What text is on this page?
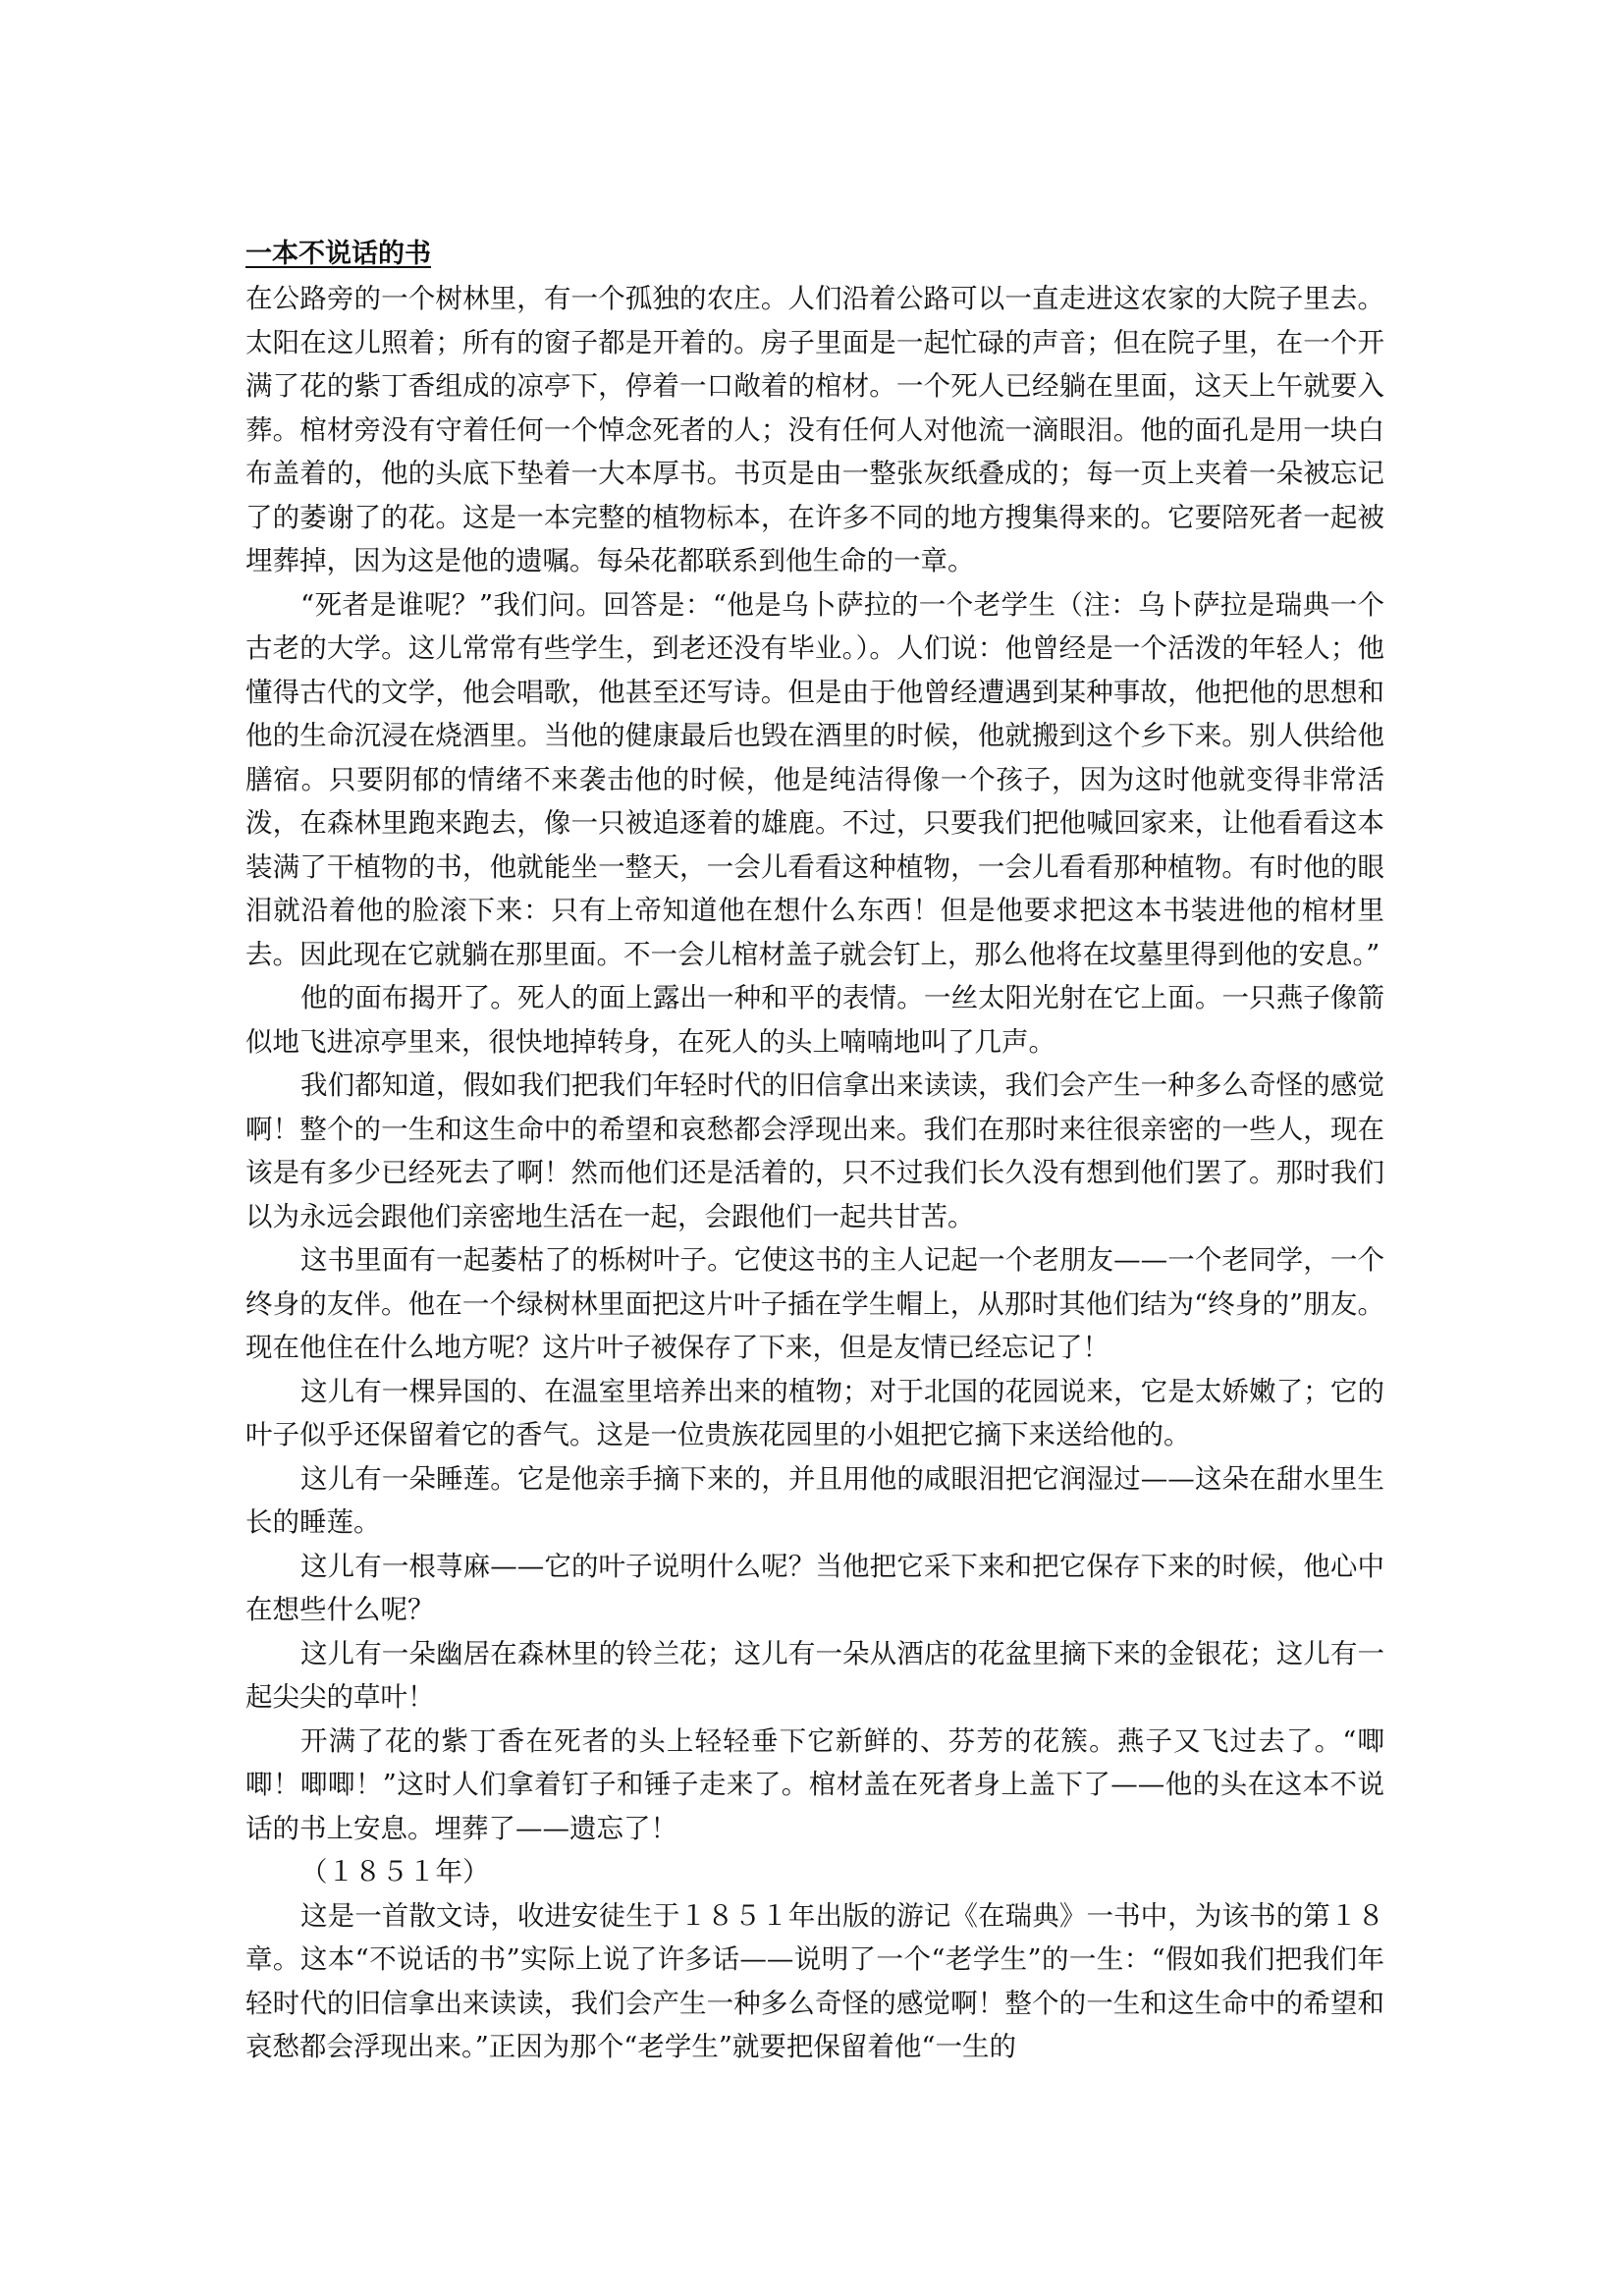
一本不说话的书

在公路旁的一个树林里，有一个孤独的农庄。人们沿着公路可以一直走进这农家的大院子里去。太阳在这儿照着；所有的窗子都是开着的。房子里面是一起忙碌的声音；但在院子里，在一个开满了花的紫丁香组成的凉亭下，停着一口敞着的棺材。一个死人已经躺在里面，这天上午就要入葬。棺材旁没有守着任何一个悼念死者的人；没有任何人对他流一滴眼泪。他的面孔是用一块白布盖着的，他的头底下垫着一大本厚书。书页是由一整张灰纸叠成的；每一页上夹着一朵被忘记了的萎谢了的花。这是一本完整的植物标本，在许多不同的地方搜集得来的。它要陪死者一起被埋葬掉，因为这是他的遗嘱。每朵花都联系到他生命的一章。

“死者是谁呢？”我们问。回答是：“他是乌卜萨拉的一个老学生（注：乌卜萨拉是瑞典一个古老的大学。这儿常常有些学生，到老还没有毕业。）。人们说：他曾经是一个活泼的年轻人；他懂得古代的文学，他会唱歌，他甚至还写诗。但是由于他曾经遭遇到某种事故，他把他的思想和他的生命沉浸在烧酒里。当他的健康最后也毁在酒里的时候，他就搬到这个乡下来。别人供给他膳宿。只要阴郁的情绪不来袭击他的时候，他是纯洁得像一个孩子，因为这时他就变得非常活泼，在森林里跑来跑去，像一只被追逐着的雄鹿。不过，只要我们把他喊回家来，让他看看这本装满了干植物的书，他就能坐一整天，一会儿看看这种植物，一会儿看看那种植物。有时他的眼泪就沿着他的脸滚下来：只有上帝知道他在想什么东西！但是他要求把这本书装进他的棺材里去。因此现在它就躺在那里面。不一会儿棺材盖子就会钉上，那么他将在坟墓里得到他的安息。”

他的面布揭开了。死人的面上露出一种和平的表情。一丝太阳光射在它上面。一只燕子像箭似地飞进凉亭里来，很快地掉转身，在死人的头上喃喃地叫了几声。

我们都知道，假如我们把我们年轻时代的旧信拿出来读读，我们会产生一种多么奇怪的感觉啊！整个的一生和这生命中的希望和哀愁都会浮现出来。我们在那时来往很亲密的一些人，现在该是有多少已经死去了啊！然而他们还是活着的，只不过我们长久没有想到他们罢了。那时我们以为永远会跟他们亲密地生活在一起，会跟他们一起共甘苦。

这书里面有一起萎枯了的栎树叶子。它使这书的主人记起一个老朋友——一个老同学，一个终身的友伴。他在一个绿树林里面把这片叶子插在学生帽上，从那时其他们结为“终身的”朋友。现在他住在什么地方呢？这片叶子被保存了下来，但是友情已经忘记了！

这儿有一棵异国的、在温室里培养出来的植物；对于北国的花园说来，它是太娇嫩了；它的叶子似乎还保留着它的香气。这是一位贵族花园里的小姐把它摘下来送给他的。

这儿有一朵睡莲。它是他亲手摘下来的，并且用他的咸眼泪把它润湿过——这朵在甜水里生长的睡莲。

这儿有一根荨麻——它的叶子说明什么呢？当他把它采下来和把它保存下来的时候，他心中在想些什么呢？

这儿有一朵幽居在森林里的铃兰花；这儿有一朵从酒店的花盆里摘下来的金银花；这儿有一起尖尖的草叶！

开满了花的紫丁香在死者的头上轻轻垂下它新鲜的、芬芳的花簇。燕子又飞过去了。“唧唧！唧唧！”这时人们拿着钉子和锤子走来了。棺材盖在死者身上盖下了——他的头在这本不说话的书上安息。埋葬了——遗忘了！

（１８５１年）

这是一首散文诗，收进安徒生于１８５１年出版的游记《在瑞典》一书中，为该书的第１８章。这本“不说话的书”实际上说了许多话——说明了一个“老学生”的一生：“假如我们把我们年轻时代的旧信拿出来读读，我们会产生一种多么奇怪的感觉啊！整个的一生和这生命中的希望和哀愁都会浮现出来。”正因为那个“老学生”就要把保留着他“一生的
